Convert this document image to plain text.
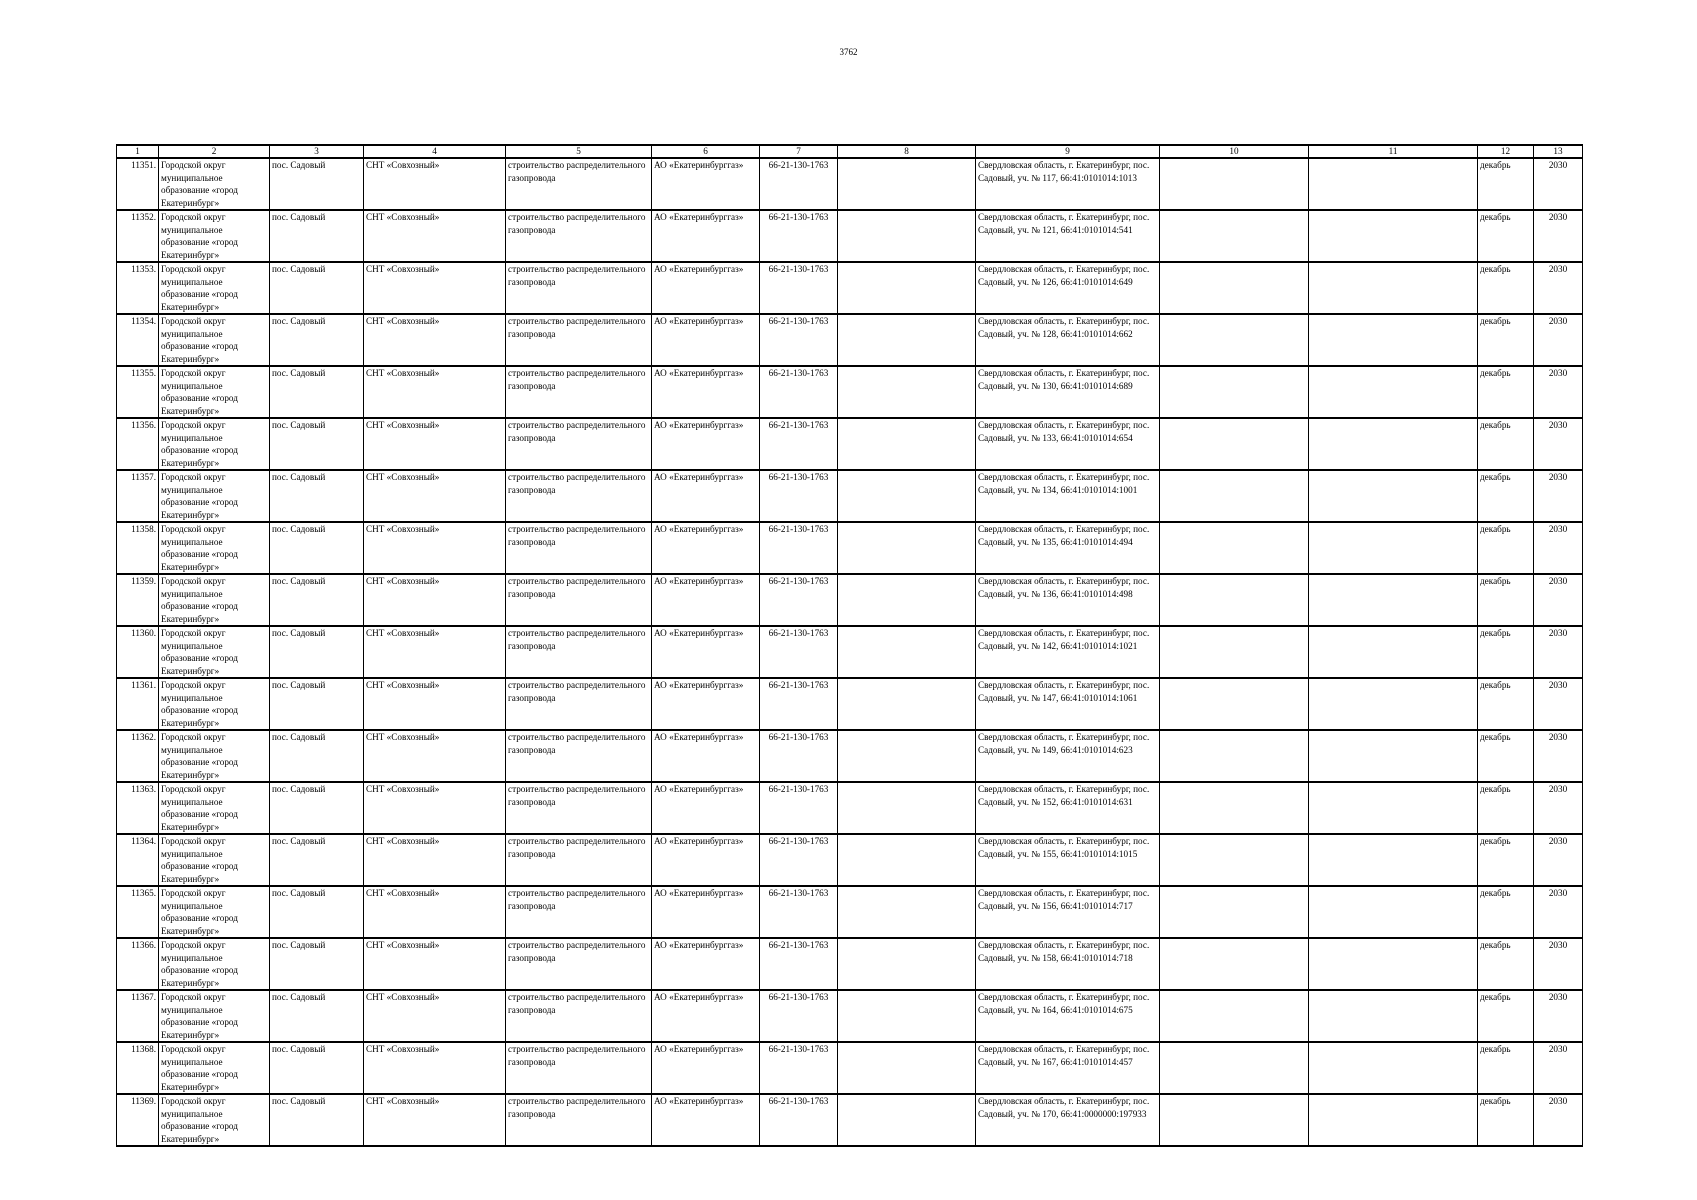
3762
1	2	3	4	5	6	7	8	9	10	11	12	13
11351.	Городской округ муниципальное образование «город Екатеринбург»	пос. Садовый	СНТ «Совхозный»	строительство распределительного газопровода	АО «Екатеринбурггаз»	66-21-130-1763		Свердловская область, г. Екатеринбург, пос. Садовый, уч. № 117, 66:41:0101014:1013			декабрь	2030
11352.	Городской округ муниципальное образование «город Екатеринбург»	пос. Садовый	СНТ «Совхозный»	строительство распределительного газопровода	АО «Екатеринбурггаз»	66-21-130-1763		Свердловская область, г. Екатеринбург, пос. Садовый, уч. № 121, 66:41:0101014:541			декабрь	2030
11353.	Городской округ муниципальное образование «город Екатеринбург»	пос. Садовый	СНТ «Совхозный»	строительство распределительного газопровода	АО «Екатеринбурггаз»	66-21-130-1763		Свердловская область, г. Екатеринбург, пос. Садовый, уч. № 126, 66:41:0101014:649			декабрь	2030
11354.	Городской округ муниципальное образование «город Екатеринбург»	пос. Садовый	СНТ «Совхозный»	строительство распределительного газопровода	АО «Екатеринбурггаз»	66-21-130-1763		Свердловская область, г. Екатеринбург, пос. Садовый, уч. № 128, 66:41:0101014:662			декабрь	2030
11355.	Городской округ муниципальное образование «город Екатеринбург»	пос. Садовый	СНТ «Совхозный»	строительство распределительного газопровода	АО «Екатеринбурггаз»	66-21-130-1763		Свердловская область, г. Екатеринбург, пос. Садовый, уч. № 130, 66:41:0101014:689			декабрь	2030
11356.	Городской округ муниципальное образование «город Екатеринбург»	пос. Садовый	СНТ «Совхозный»	строительство распределительного газопровода	АО «Екатеринбурггаз»	66-21-130-1763		Свердловская область, г. Екатеринбург, пос. Садовый, уч. № 133, 66:41:0101014:654			декабрь	2030
11357.	Городской округ муниципальное образование «город Екатеринбург»	пос. Садовый	СНТ «Совхозный»	строительство распределительного газопровода	АО «Екатеринбурггаз»	66-21-130-1763		Свердловская область, г. Екатеринбург, пос. Садовый, уч. № 134, 66:41:0101014:1001			декабрь	2030
11358.	Городской округ муниципальное образование «город Екатеринбург»	пос. Садовый	СНТ «Совхозный»	строительство распределительного газопровода	АО «Екатеринбурггаз»	66-21-130-1763		Свердловская область, г. Екатеринбург, пос. Садовый, уч. № 135, 66:41:0101014:494			декабрь	2030
11359.	Городской округ муниципальное образование «город Екатеринбург»	пос. Садовый	СНТ «Совхозный»	строительство распределительного газопровода	АО «Екатеринбурггаз»	66-21-130-1763		Свердловская область, г. Екатеринбург, пос. Садовый, уч. № 136, 66:41:0101014:498			декабрь	2030
11360.	Городской округ муниципальное образование «город Екатеринбург»	пос. Садовый	СНТ «Совхозный»	строительство распределительного газопровода	АО «Екатеринбурггаз»	66-21-130-1763		Свердловская область, г. Екатеринбург, пос. Садовый, уч. № 142, 66:41:0101014:1021			декабрь	2030
11361.	Городской округ муниципальное образование «город Екатеринбург»	пос. Садовый	СНТ «Совхозный»	строительство распределительного газопровода	АО «Екатеринбурггаз»	66-21-130-1763		Свердловская область, г. Екатеринбург, пос. Садовый, уч. № 147, 66:41:0101014:1061			декабрь	2030
11362.	Городской округ муниципальное образование «город Екатеринбург»	пос. Садовый	СНТ «Совхозный»	строительство распределительного газопровода	АО «Екатеринбурггаз»	66-21-130-1763		Свердловская область, г. Екатеринбург, пос. Садовый, уч. № 149, 66:41:0101014:623			декабрь	2030
11363.	Городской округ муниципальное образование «город Екатеринбург»	пос. Садовый	СНТ «Совхозный»	строительство распределительного газопровода	АО «Екатеринбурггаз»	66-21-130-1763		Свердловская область, г. Екатеринбург, пос. Садовый, уч. № 152, 66:41:0101014:631			декабрь	2030
11364.	Городской округ муниципальное образование «город Екатеринбург»	пос. Садовый	СНТ «Совхозный»	строительство распределительного газопровода	АО «Екатеринбурггаз»	66-21-130-1763		Свердловская область, г. Екатеринбург, пос. Садовый, уч. № 155, 66:41:0101014:1015			декабрь	2030
11365.	Городской округ муниципальное образование «город Екатеринбург»	пос. Садовый	СНТ «Совхозный»	строительство распределительного газопровода	АО «Екатеринбурггаз»	66-21-130-1763		Свердловская область, г. Екатеринбург, пос. Садовый, уч. № 156, 66:41:0101014:717			декабрь	2030
11366.	Городской округ муниципальное образование «город Екатеринбург»	пос. Садовый	СНТ «Совхозный»	строительство распределительного газопровода	АО «Екатеринбурггаз»	66-21-130-1763		Свердловская область, г. Екатеринбург, пос. Садовый, уч. № 158, 66:41:0101014:718			декабрь	2030
11367.	Городской округ муниципальное образование «город Екатеринбург»	пос. Садовый	СНТ «Совхозный»	строительство распределительного газопровода	АО «Екатеринбурггаз»	66-21-130-1763		Свердловская область, г. Екатеринбург, пос. Садовый, уч. № 164, 66:41:0101014:675			декабрь	2030
11368.	Городской округ муниципальное образование «город Екатеринбург»	пос. Садовый	СНТ «Совхозный»	строительство распределительного газопровода	АО «Екатеринбурггаз»	66-21-130-1763		Свердловская область, г. Екатеринбург, пос. Садовый, уч. № 167, 66:41:0101014:457			декабрь	2030
11369.	Городской округ муниципальное образование «город Екатеринбург»	пос. Садовый	СНТ «Совхозный»	строительство распределительного газопровода	АО «Екатеринбурггаз»	66-21-130-1763		Свердловская область, г. Екатеринбург, пос. Садовый, уч. № 170, 66:41:0000000:197933			декабрь	2030
